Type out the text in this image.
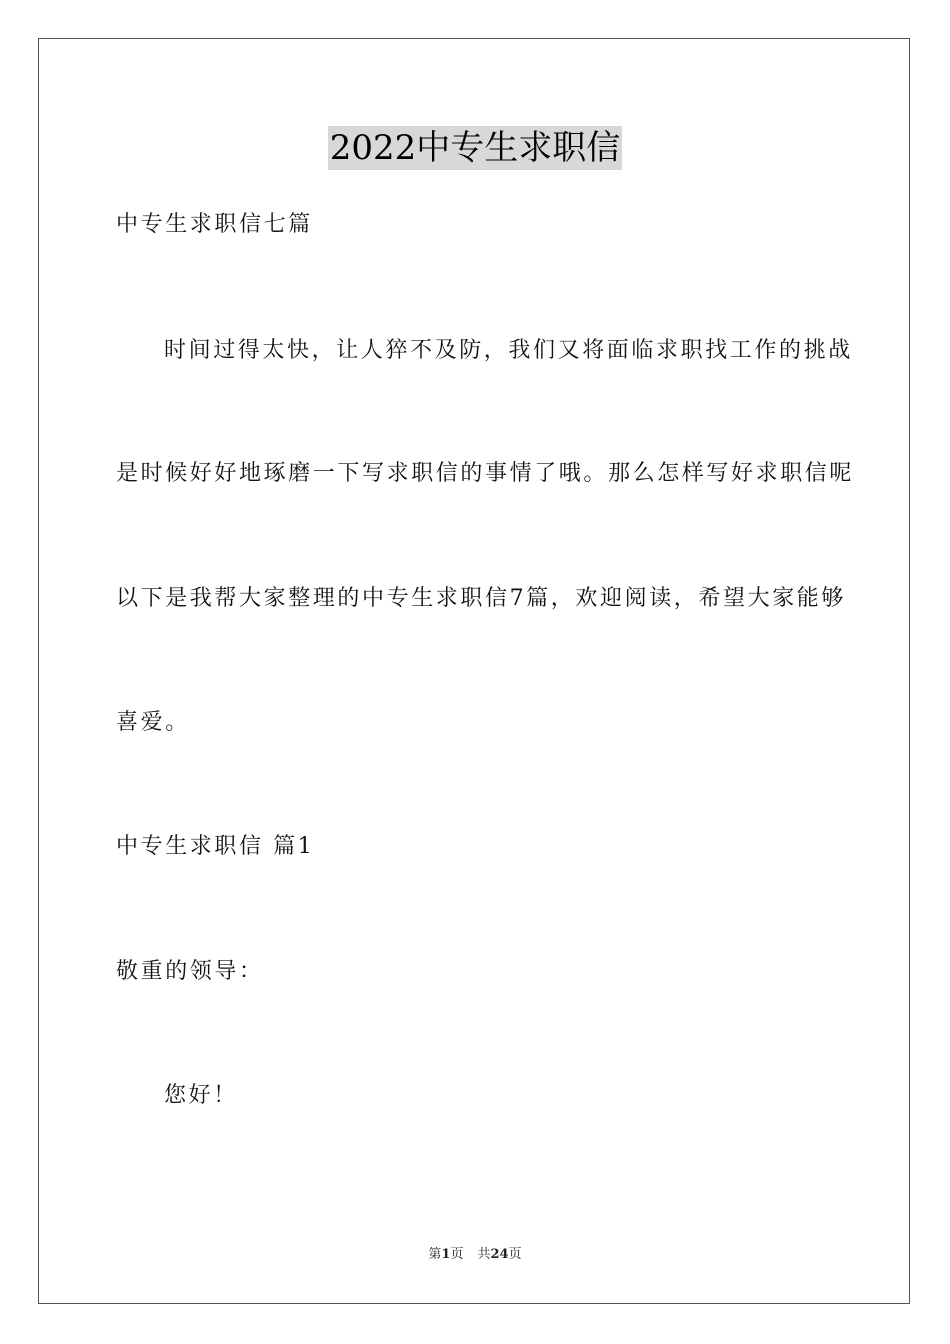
2022中专生求职信
中专生求职信七篇
时间过得太快，让人猝不及防，我们又将面临求职找工作的挑战
是时候好好地琢磨一下写求职信的事情了哦。那么怎样写好求职信呢
以下是我帮大家整理的中专生求职信7篇，欢迎阅读，希望大家能够
喜爱。
中专生求职信 篇1
敬重的领导：
您好！
第1页 共24页
